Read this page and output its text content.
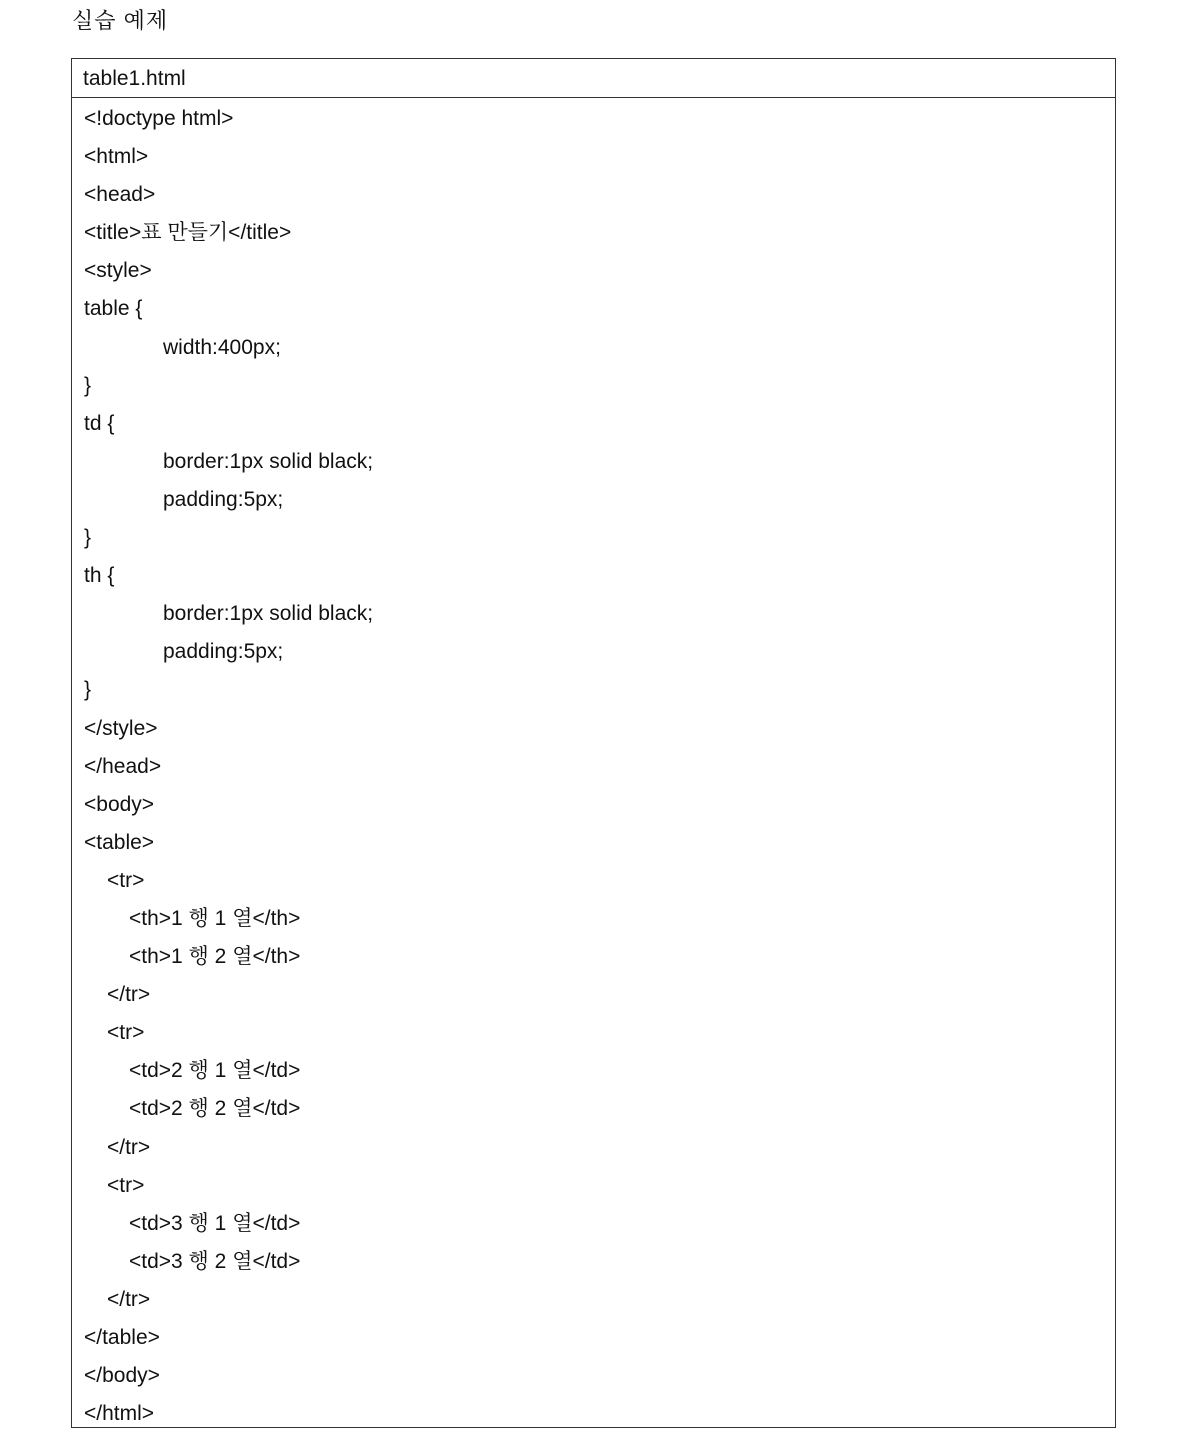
실습 예제
table1.html
<!doctype html>
<html>
<head>
<title>표 만들기</title>
<style>
table {
width:400px;
}
td {
border:1px solid black;
padding:5px;
}
th {
border:1px solid black;
padding:5px;
}
</style>
</head>
<body>
<table>
<tr>
<th>1 행 1 열</th>
<th>1 행 2 열</th>
</tr>
<tr>
<td>2 행 1 열</td>
<td>2 행 2 열</td>
</tr>
<tr>
<td>3 행 1 열</td>
<td>3 행 2 열</td>
</tr>
</table>
</body>
</html>
